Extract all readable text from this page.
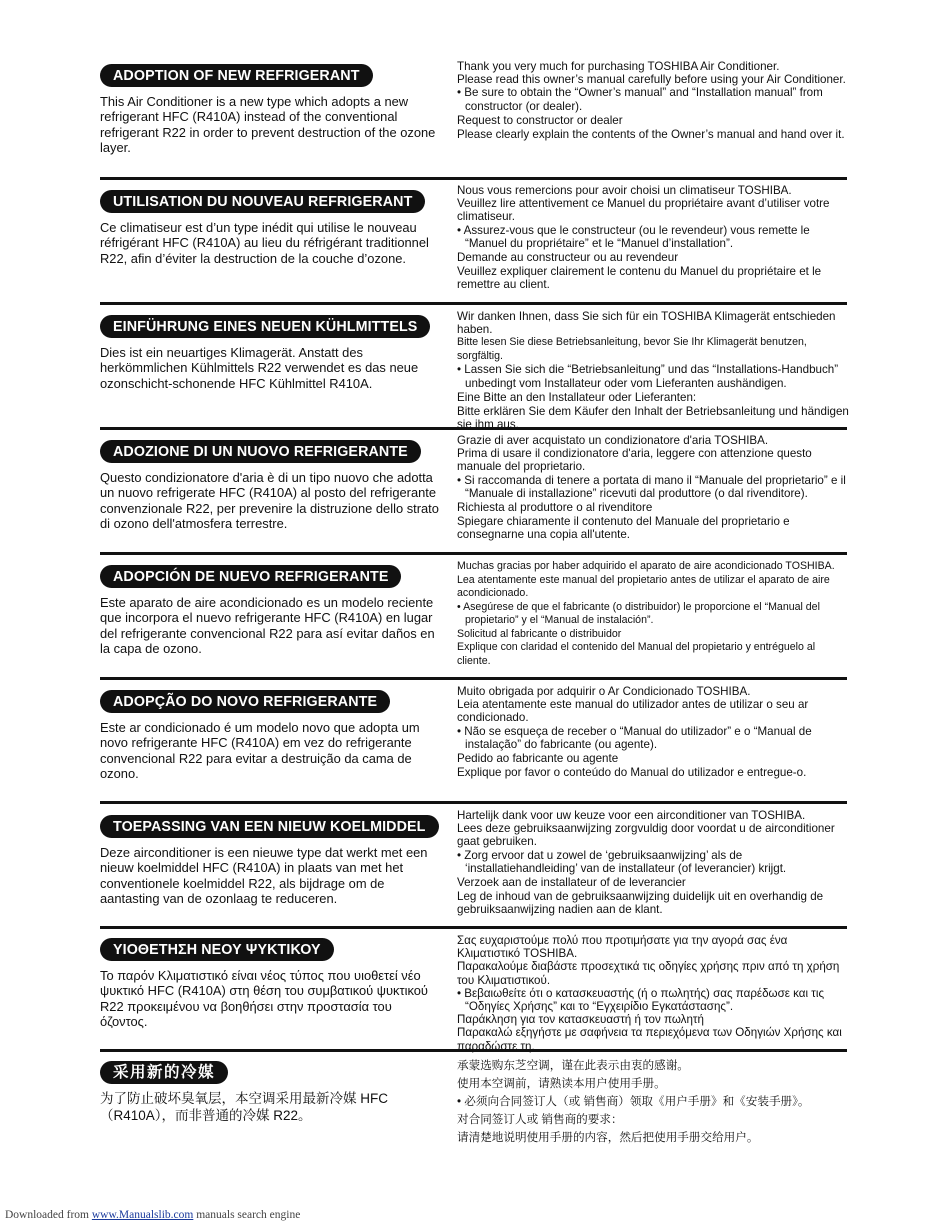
ADOPTION OF NEW REFRIGERANT

This Air Conditioner is a new type which adopts a new refrigerant HFC (R410A) instead of the conventional refrigerant R22 in order to prevent destruction of the ozone layer.

Thank you very much for purchasing TOSHIBA Air Conditioner.

Please read this owner’s manual carefully before using your Air Conditioner.

• Be sure to obtain the “Owner’s manual” and “Installation manual” from constructor (or dealer).

Request to constructor or dealer

Please clearly explain the contents of the Owner’s manual and hand over it.

UTILISATION DU NOUVEAU REFRIGERANT

Ce climatiseur est d’un type inédit qui utilise le nouveau réfrigérant HFC (R410A) au lieu du réfrigérant traditionnel R22, afin d’éviter la destruction de la couche d’ozone.

Nous vous remercions pour avoir choisi un climatiseur TOSHIBA.

Veuillez lire attentivement ce Manuel du propriétaire avant d’utiliser votre climatiseur.

• Assurez-vous que le constructeur (ou le revendeur) vous remette le “Manuel du propriétaire” et le “Manuel d’installation”.

Demande au constructeur ou au revendeur

Veuillez expliquer clairement le contenu du Manuel du propriétaire et le remettre au client.

EINFÜHRUNG EINES NEUEN KÜHLMITTELS

Dies ist ein neuartiges Klimagerät. Anstatt des herkömmlichen Kühlmittels R22 verwendet es das neue ozonschicht-schonende HFC Kühlmittel R410A.

Wir danken Ihnen, dass Sie sich für ein TOSHIBA Klimagerät entschieden haben.

Bitte lesen Sie diese Betriebsanleitung, bevor Sie Ihr Klimagerät benutzen, sorgfältig.

• Lassen Sie sich die “Betriebsanleitung” und das “Installations-Handbuch” unbedingt vom Installateur oder vom Lieferanten aushändigen.

Eine Bitte an den Installateur oder Lieferanten:

Bitte erklären Sie dem Käufer den Inhalt der Betriebsanleitung und händigen sie ihm aus.

ADOZIONE DI UN NUOVO REFRIGERANTE

Questo condizionatore d'aria è di un tipo nuovo che adotta un nuovo refrigerate HFC (R410A) al posto del refrigerante convenzionale R22, per prevenire la distruzione dello strato di ozono dell'atmosfera terrestre.

Grazie di aver acquistato un condizionatore d'aria TOSHIBA.

Prima di usare il condizionatore d'aria, leggere con attenzione questo manuale del proprietario.

• Si raccomanda di tenere a portata di mano il “Manuale del proprietario” e il “Manuale di installazione” ricevuti dal produttore (o dal rivenditore).

Richiesta al produttore o al rivenditore

Spiegare chiaramente il contenuto del Manuale del proprietario e consegnarne una copia all'utente.

ADOPCIÓN DE NUEVO REFRIGERANTE

Este aparato de aire acondicionado es un modelo reciente que incorpora el nuevo refrigerante HFC (R410A) en lugar del refrigerante convencional R22 para así evitar daños en la capa de ozono.

Muchas gracias por haber adquirido el aparato de aire acondicionado TOSHIBA.

Lea atentamente este manual del propietario antes de utilizar el aparato de aire acondicionado.

• Asegúrese de que el fabricante (o distribuidor) le proporcione el “Manual del propietario” y el “Manual de instalación”.

Solicitud al fabricante o distribuidor

Explique con claridad el contenido del Manual del propietario y entréguelo al cliente.

ADOPÇÃO DO NOVO REFRIGERANTE

Este ar condicionado é um modelo novo que adopta um novo refrigerante HFC (R410A) em vez do refrigerante convencional R22 para evitar a destruição da cama de ozono.

Muito obrigada por adquirir o Ar Condicionado TOSHIBA.

Leia atentamente este manual do utilizador antes de utilizar o seu ar condicionado.

• Não se esqueça de receber o “Manual do utilizador” e o “Manual de instalação” do fabricante (ou agente).

Pedido ao fabricante ou agente

Explique por favor o conteúdo do Manual do utilizador e entregue-o.

TOEPASSING VAN EEN NIEUW KOELMIDDEL

Deze airconditioner is een nieuwe type dat werkt met een nieuw koelmiddel HFC (R410A) in plaats van met het conventionele koelmiddel R22, als bijdrage om de aantasting van de ozonlaag te reduceren.

Hartelijk dank voor uw keuze voor een airconditioner van TOSHIBA.

Lees deze gebruiksaanwijzing zorgvuldig door voordat u de airconditioner gaat gebruiken.

• Zorg ervoor dat u zowel de ‘gebruiksaanwijzing’ als de ‘installatiehandleiding’ van de installateur (of leverancier) krijgt.

Verzoek aan de installateur of de leverancier

Leg de inhoud van de gebruiksaanwijzing duidelijk uit en overhandig de gebruiksaanwijzing nadien aan de klant.

ΥΙΟΘΕΤΗΣΗ ΝΕΟΥ ΨΥΚΤΙΚΟΥ

Το παρόν Κλιματιστικό είναι νέος τύπος που υιοθετεί νέο ψυκτικό HFC (R410A) στη θέση του συμβατικού ψυκτικού R22 προκειμένου να βοηθήσει στην προστασία του όζοντος.

Σας ευχαριστούμε πολύ που προτιμήσατε για την αγορά σας ένα Κλιματιστικό TOSHIBA.

Παρακαλούμε διαβάστε προσεχτικά τις οδηγίες χρήσης πριν από τη χρήση του Κλιματιστικού.

• Βεβαιωθείτε ότι ο κατασκευαστής (ή ο πωλητής) σας παρέδωσε και τις “Οδηγίες Χρήσης” και το “Εγχειρίδιο Εγκατάστασης”.

Παράκληση για τον κατασκευαστή ή τον πωλητή

Παρακαλώ εξηγήστε με σαφήνεια τα περιεχόμενα των Οδηγιών Χρήσης και παραδώστε τη.

采用新的冷媒

为了防止破坏臭氧层，本空调采用最新冷媒 HFC（R410A），而非普通的冷媒 R22。

承蒙选购东芝空调，谨在此表示由衷的感谢。

使用本空调前，请熟读本用户使用手册。

• 必须向合同签订人（或 销售商）领取《用户手册》和《安装手册》。

对合同签订人或 销售商的要求：

请清楚地说明使用手册的内容，然后把使用手册交给用户。

Downloaded from www.Manualslib.com manuals search engine
